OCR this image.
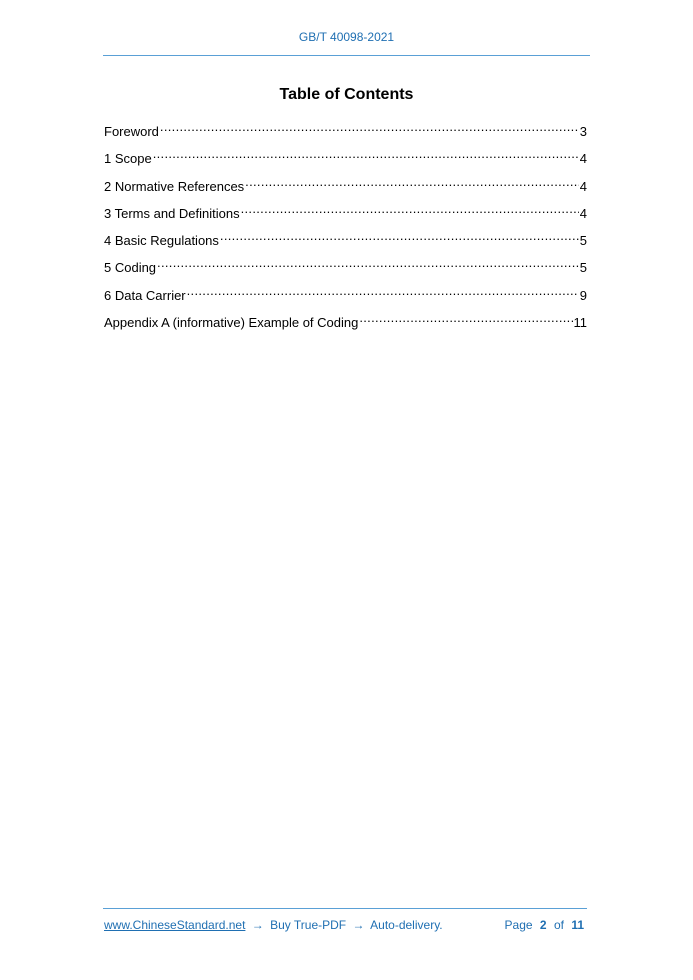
GB/T 40098-2021
Table of Contents
Foreword .....	3
1 Scope .....	4
2 Normative References .....	4
3 Terms and Definitions .....	4
4 Basic Regulations .....	5
5 Coding .....	5
6 Data Carrier .....	9
Appendix A (informative) Example of Coding .....	11
www.ChineseStandard.net → Buy True-PDF → Auto-delivery.	Page 2 of 11
